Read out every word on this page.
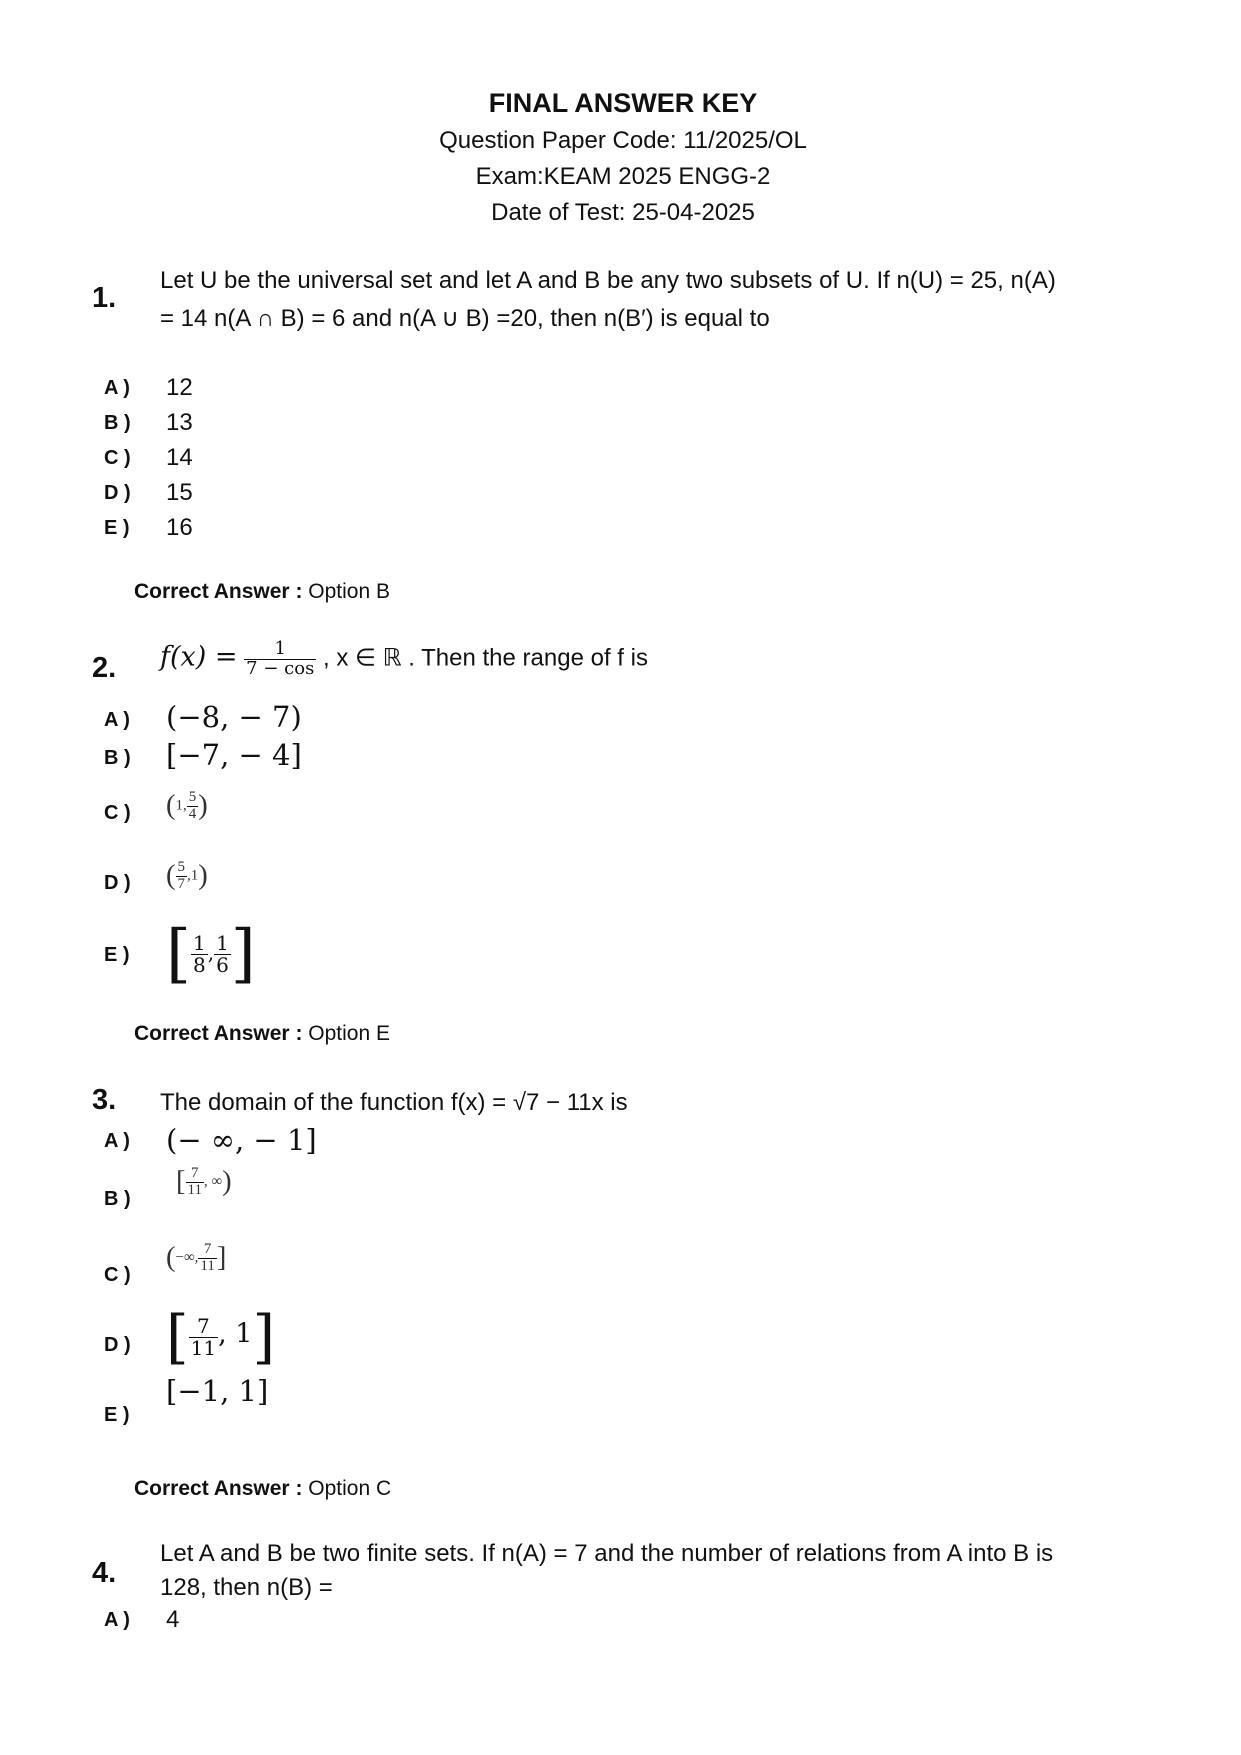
FINAL ANSWER KEY
Question Paper Code: 11/2025/OL
Exam:KEAM 2025 ENGG-2
Date of Test: 25-04-2025
1.
Let U be the universal set and let A and B be any two subsets of U. If n(U) = 25, n(A)
= 14 n(A ∩ B) = 6 and n(A ∪ B) =20, then n(B′) is equal to
A )	12
B )	13
C )	14
D )	15
E )	16
Correct Answer : Option B
2. $f(x) = \frac{1}{7 - \cos}$ , x ∈ ℝ . Then the range of f is
A )	(−8, − 7)
B )	[−7, − 4]
C )	(1, $\frac{5}{4}$ )
D )	( $\frac{5}{7} ,1$)
E ) [ $\frac{1}{8}$ , $\frac{1}{6}$ ]
Correct Answer : Option E
3. The domain of the function f(x) = √7 − 11x is
A )	(− ∞, − 1]
B )
[ $\frac{7}{11}$ , ∞)
C )
(−∞, $\frac{7}{11}$ ]
D ) [ $\frac{7}{11}$ , 1]
E )
[−1, 1]
Correct Answer : Option C
4.
Let A and B be two finite sets. If n(A) = 7 and the number of relations from A into B is
128, then n(B) =
A )	4
